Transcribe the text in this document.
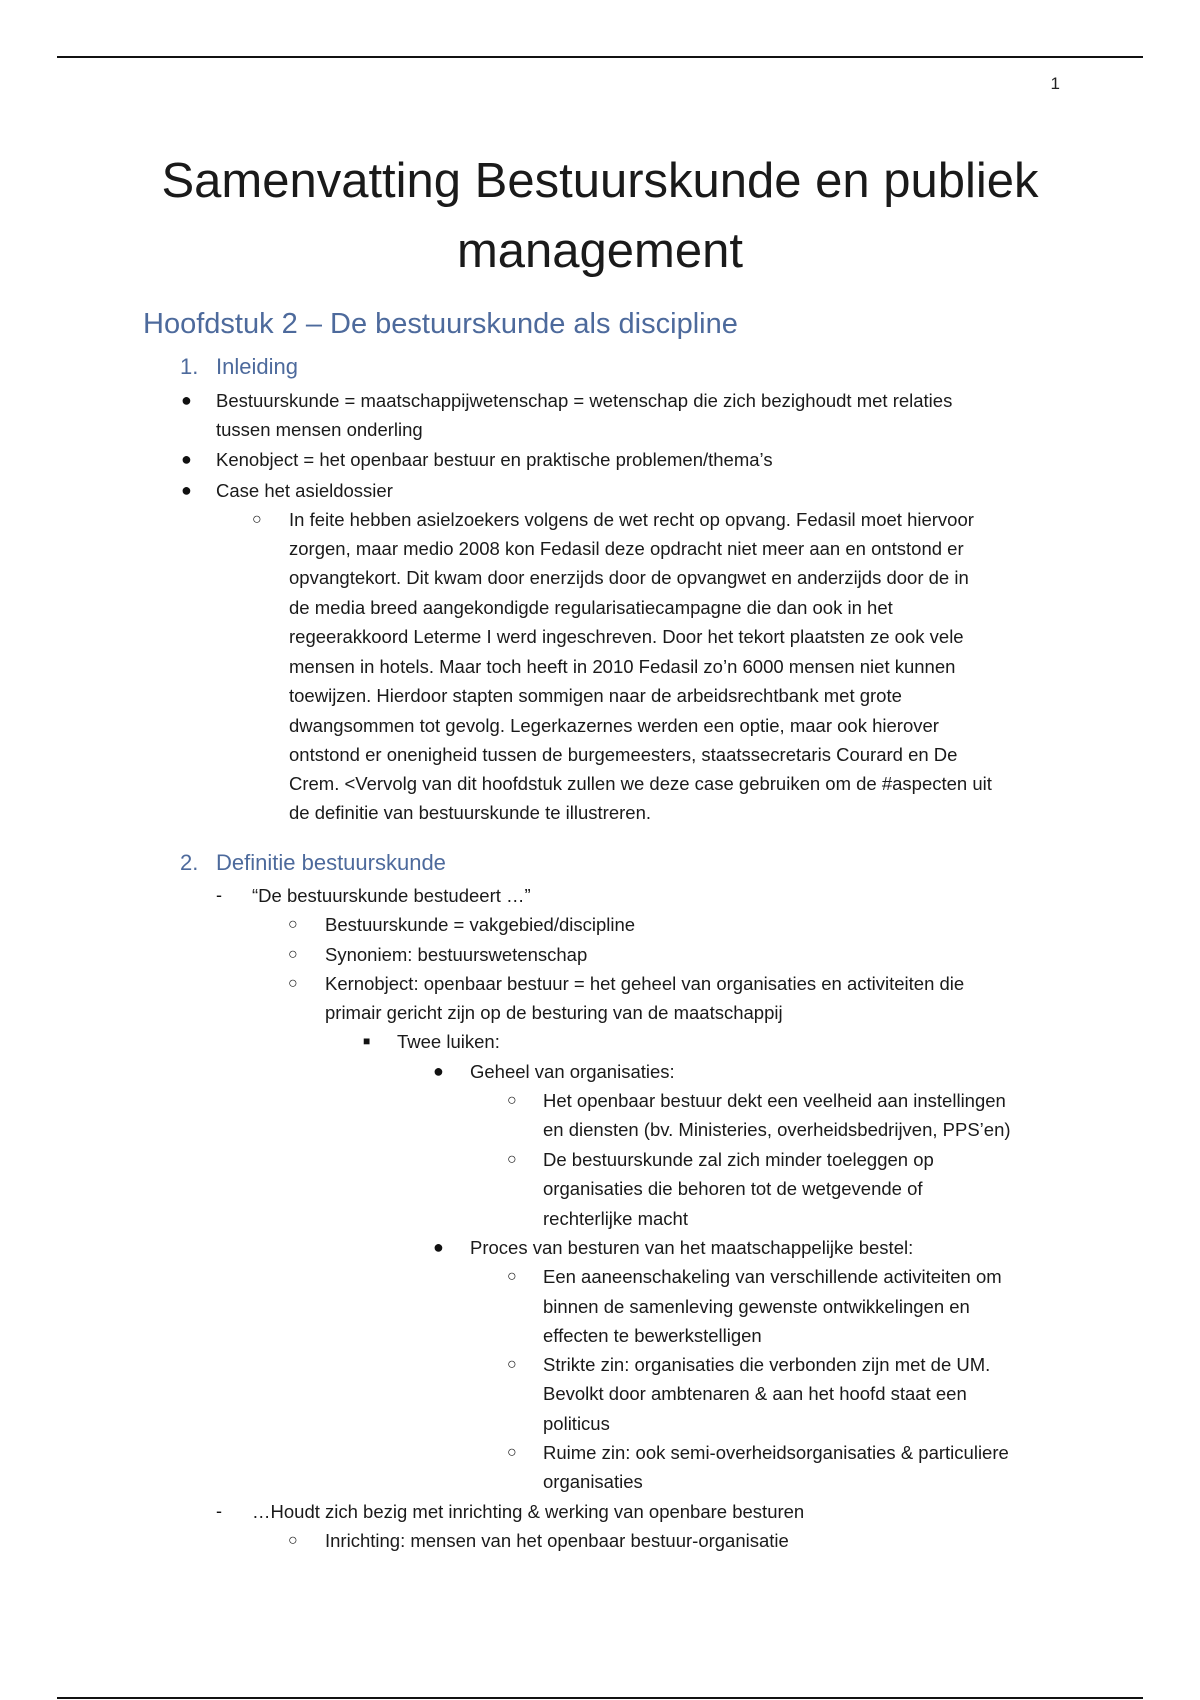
1
Samenvatting Bestuurskunde en publiek
management
Hoofdstuk 2 – De bestuurskunde als discipline
1. Inleiding
● Bestuurskunde = maatschappijwetenschap = wetenschap die zich bezighoudt met relaties
tussen mensen onderling
● Kenobject = het openbaar bestuur en praktische problemen/thema’s
● Case het asieldossier
○ In feite hebben asielzoekers volgens de wet recht op opvang. Fedasil moet hiervoor
zorgen, maar medio 2008 kon Fedasil deze opdracht niet meer aan en ontstond er
opvangtekort. Dit kwam door enerzijds door de opvangwet en anderzijds door de in
de media breed aangekondigde regularisatiecampagne die dan ook in het
regeerakkoord Leterme I werd ingeschreven. Door het tekort plaatsten ze ook vele
mensen in hotels. Maar toch heeft in 2010 Fedasil zo’n 6000 mensen niet kunnen
toewijzen. Hierdoor stapten sommigen naar de arbeidsrechtbank met grote
dwangsommen tot gevolg. Legerkazernes werden een optie, maar ook hierover
ontstond er onenigheid tussen de burgemeesters, staatssecretaris Courard en De
Crem. <Vervolg van dit hoofdstuk zullen we deze case gebruiken om de #aspecten uit
de definitie van bestuurskunde te illustreren.
2. Definitie bestuurskunde
- “De bestuurskunde bestudeert …”
○ Bestuurskunde = vakgebied/discipline
○ Synoniem: bestuurswetenschap
○ Kernobject: openbaar bestuur = het geheel van organisaties en activiteiten die
primair gericht zijn op de besturing van de maatschappij
■ Twee luiken:
● Geheel van organisaties:
○ Het openbaar bestuur dekt een veelheid aan instellingen
en diensten (bv. Ministeries, overheidsbedrijven, PPS’en)
○ De bestuurskunde zal zich minder toeleggen op
organisaties die behoren tot de wetgevende of
rechterlijke macht
● Proces van besturen van het maatschappelijke bestel:
○ Een aaneenschakeling van verschillende activiteiten om
binnen de samenleving gewenste ontwikkelingen en
effecten te bewerkstelligen
○ Strikte zin: organisaties die verbonden zijn met de UM.
Bevolkt door ambtenaren & aan het hoofd staat een
politicus
○ Ruime zin: ook semi-overheidsorganisaties & particuliere
organisaties
- …Houdt zich bezig met inrichting & werking van openbare besturen
○ Inrichting: mensen van het openbaar bestuur-organisatie
